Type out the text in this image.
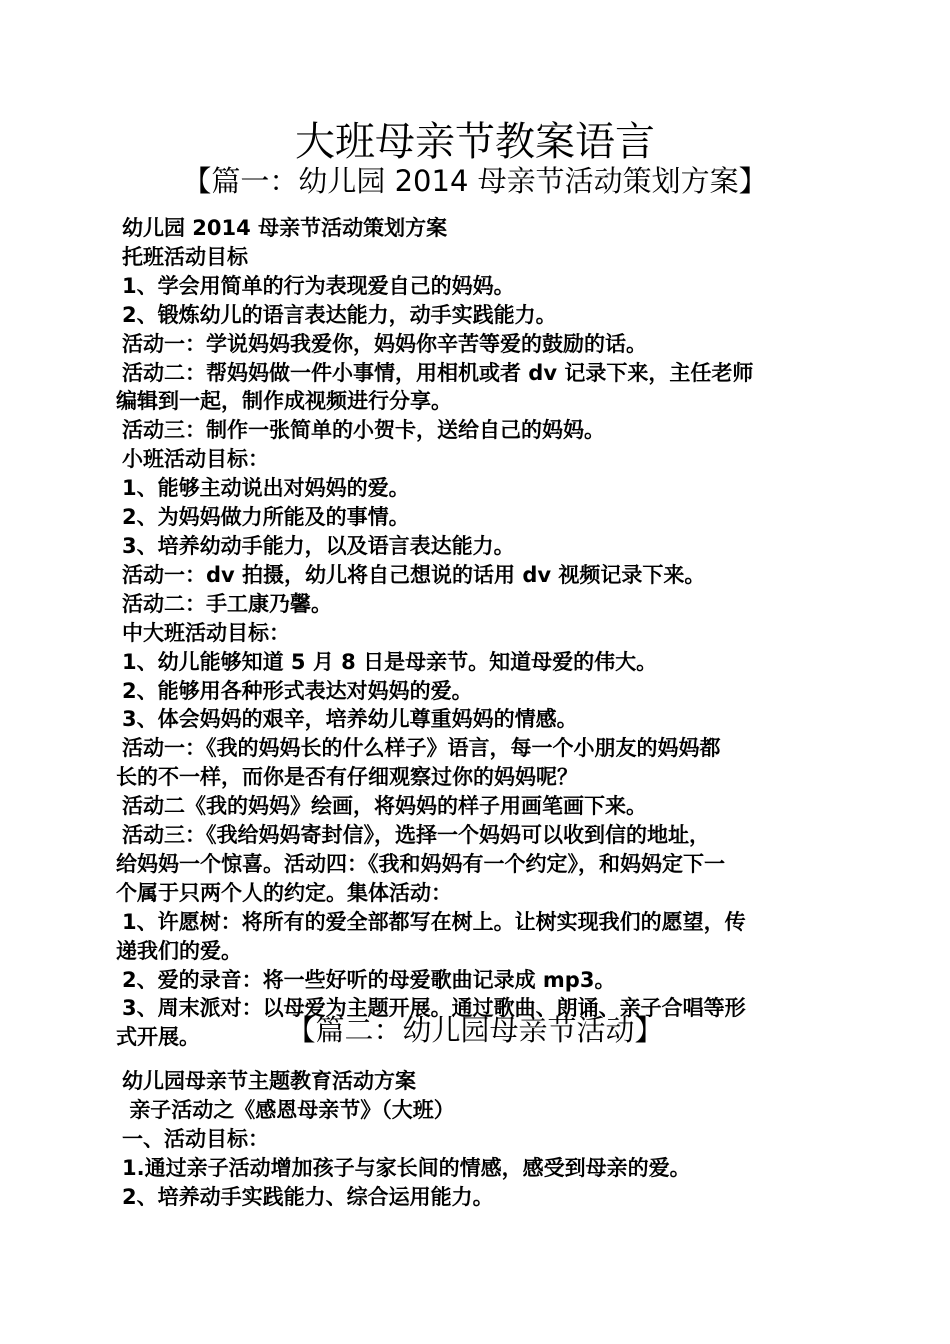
大班母亲节教案语言
【篇一：幼儿园 2014 母亲节活动策划方案】

幼儿园 2014 母亲节活动策划方案

托班活动目标

1、学会用简单的行为表现爱自己的妈妈。

2、锻炼幼儿的语言表达能力，动手实践能力。

活动一：学说妈妈我爱你，妈妈你辛苦等爱的鼓励的话。

活动二：帮妈妈做一件小事情，用相机或者 dv 记录下来，主任老师

编辑到一起，制作成视频进行分享。

活动三：制作一张简单的小贺卡，送给自己的妈妈。

小班活动目标：

1、能够主动说出对妈妈的爱。

2、为妈妈做力所能及的事情。

3、培养幼动手能力，以及语言表达能力。

活动一：dv 拍摄，幼儿将自己想说的话用 dv 视频记录下来。

活动二：手工康乃馨。

中大班活动目标：

1、幼儿能够知道 5 月 8 日是母亲节。知道母爱的伟大。

2、能够用各种形式表达对妈妈的爱。

3、体会妈妈的艰辛，培养幼儿尊重妈妈的情感。

活动一：《我的妈妈长的什么样子》语言，每一个小朋友的妈妈都

长的不一样，而你是否有仔细观察过你的妈妈呢？

活动二《我的妈妈》绘画，将妈妈的样子用画笔画下来。

活动三：《我给妈妈寄封信》，选择一个妈妈可以收到信的地址，

给妈妈一个惊喜。活动四：《我和妈妈有一个约定》，和妈妈定下一

个属于只两个人的约定。集体活动：

1、许愿树：将所有的爱全部都写在树上。让树实现我们的愿望，传

递我们的爱。

2、爱的录音：将一些好听的母爱歌曲记录成 mp3。

3、周末派对：以母爱为主题开展。通过歌曲、朗诵、亲子合唱等形

式开展。	【篇二：幼儿园母亲节活动】

幼儿园母亲节主题教育活动方案

亲子活动之《感恩母亲节》（大班）

一、活动目标：

1.通过亲子活动增加孩子与家长间的情感，感受到母亲的爱。

2、培养动手实践能力、综合运用能力。
